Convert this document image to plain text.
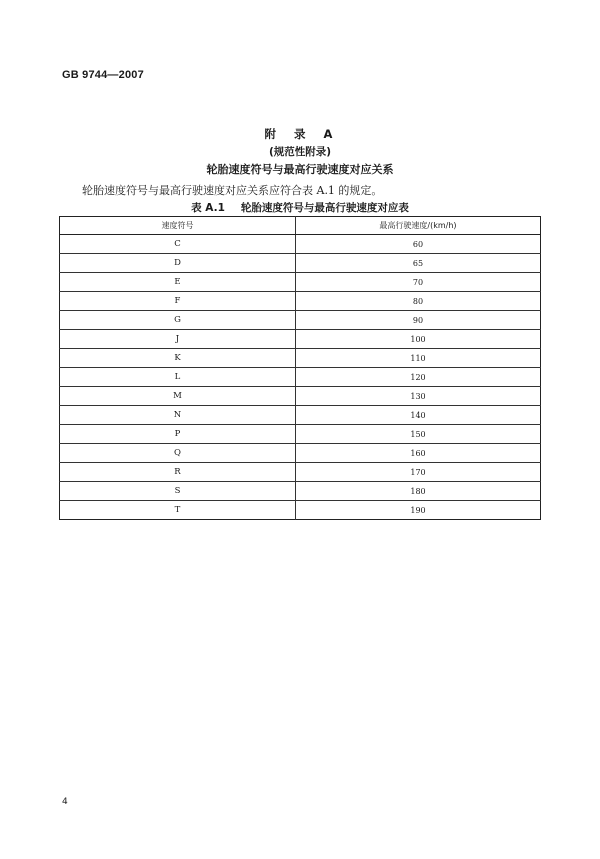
GB 9744—2007
附 录 A
(规范性附录)
轮胎速度符号与最高行驶速度对应关系
轮胎速度符号与最高行驶速度对应关系应符合表 A.1 的规定。
表 A.1 轮胎速度符号与最高行驶速度对应表
速度符号	最高行驶速度/(km/h)
C	60
D	65
E	70
F	80
G	90
J	100
K	110
L	120
M	130
N	140
P	150
Q	160
R	170
S	180
T	190
4
